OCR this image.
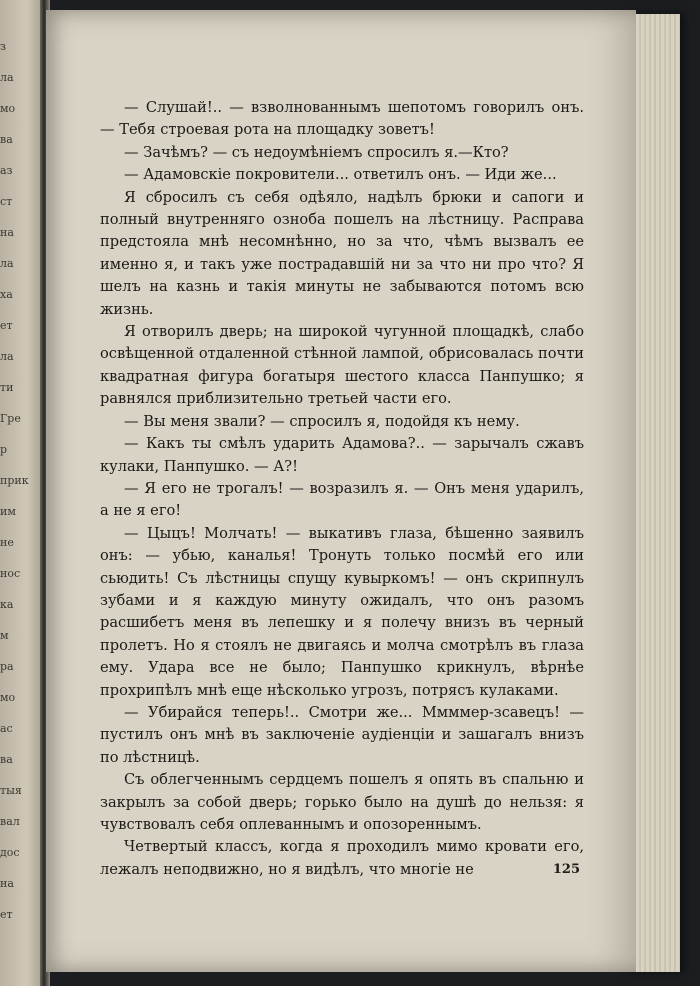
з
ла
мо
ва
аз
ст
на
ла
ха
ет
ла
ти
Гре
р
прик
им
не
нос
ка
м
ра
мо
ас
ва
тыя
вал
дос
на
ет

— Слушай!.. — взволнованнымъ шепотомъ говорилъ онъ. — Тебя строевая рота на площадку зоветъ!

— Зачѣмъ? — съ недоумѣніемъ спросилъ я.—Кто?

— Адамовскіе покровители... ответилъ онъ. — Иди же...

Я сбросилъ съ себя одѣяло, надѣлъ брюки и сапоги и полный внутренняго озноба пошелъ на лѣстницу. Расправа предстояла мнѣ несомнѣнно, но за что, чѣмъ вызвалъ ее именно я, и такъ уже пострадавшій ни за что ни про что? Я шелъ на казнь и такія минуты не забываются потомъ всю жизнь.

Я отворилъ дверь; на широкой чугунной площадкѣ, слабо освѣщенной отдаленной стѣнной лампой, обрисовалась почти квадратная фигура богатыря шестого класса Панпушко; я равнялся приблизительно третьей части его.

— Вы меня звали? — спросилъ я, подойдя къ нему.

— Какъ ты смѣлъ ударить Адамова?.. — зарычалъ сжавъ кулаки, Панпушко. — А?!

— Я его не трогалъ! — возразилъ я. — Онъ меня ударилъ, а не я его!

— Цыцъ! Молчать! — выкативъ глаза, бѣшенно заявилъ онъ: — убью, каналья! Тронуть только посмѣй его или сьюдить! Съ лѣстницы спущу кувыркомъ! — онъ скрипнулъ зубами и я каждую минуту ожидалъ, что онъ разомъ расшибетъ меня въ лепешку и я полечу внизъ въ черный пролетъ. Но я стоялъ не двигаясь и молча смотрѣлъ въ глаза ему. Удара все не было; Панпушко крикнулъ, вѣрнѣе прохрипѣлъ мнѣ еще нѣсколько угрозъ, потрясъ кулаками.

— Убирайся теперь!.. Смотри же... Ммммер-зсавецъ! — пустилъ онъ мнѣ въ заключеніе аудіенціи и зашагалъ внизъ по лѣстницѣ.

Съ облегченнымъ сердцемъ пошелъ я опять въ спальню и закрылъ за собой дверь; горько было на душѣ до нельзя: я чувствовалъ себя оплеваннымъ и опозореннымъ.

Четвертый классъ, когда я проходилъ мимо кровати его, лежалъ неподвижно, но я видѣлъ, что многіе не	125
